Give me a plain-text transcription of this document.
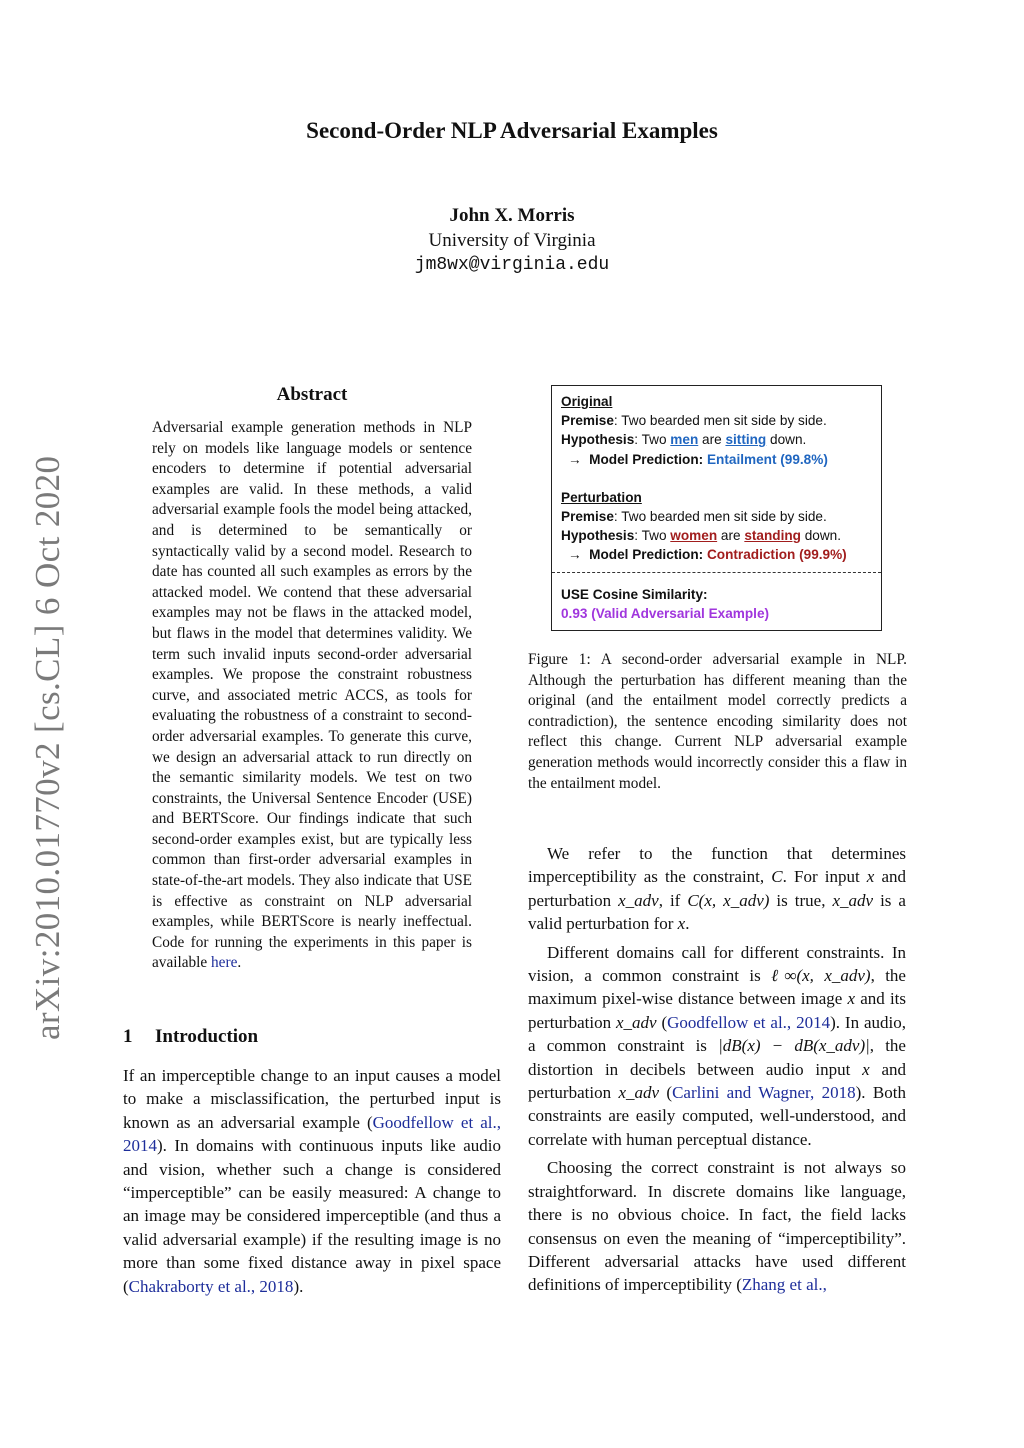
Second-Order NLP Adversarial Examples
John X. Morris
University of Virginia
jm8wx@virginia.edu
arXiv:2010.01770v2 [cs.CL] 6 Oct 2020
Abstract
Adversarial example generation methods in NLP rely on models like language models or sentence encoders to determine if potential adversarial examples are valid. In these methods, a valid adversarial example fools the model being attacked, and is determined to be semantically or syntactically valid by a second model. Research to date has counted all such examples as errors by the attacked model. We contend that these adversarial examples may not be flaws in the attacked model, but flaws in the model that determines validity. We term such invalid inputs second-order adversarial examples. We propose the constraint robustness curve, and associated metric ACCS, as tools for evaluating the robustness of a constraint to second-order adversarial examples. To generate this curve, we design an adversarial attack to run directly on the semantic similarity models. We test on two constraints, the Universal Sentence Encoder (USE) and BERTScore. Our findings indicate that such second-order examples exist, but are typically less common than first-order adversarial examples in state-of-the-art models. They also indicate that USE is effective as constraint on NLP adversarial examples, while BERTScore is nearly ineffectual. Code for running the experiments in this paper is available here.
1 Introduction
If an imperceptible change to an input causes a model to make a misclassification, the perturbed input is known as an adversarial example (Goodfellow et al., 2014). In domains with continuous inputs like audio and vision, whether such a change is considered “imperceptible” can be easily measured: A change to an image may be considered imperceptible (and thus a valid adversarial example) if the resulting image is no more than some fixed distance away in pixel space (Chakraborty et al., 2018).
Original
Premise: Two bearded men sit side by side.
Hypothesis: Two men are sitting down.
→ Model Prediction: Entailment (99.8%)
Perturbation
Premise: Two bearded men sit side by side.
Hypothesis: Two women are standing down.
→ Model Prediction: Contradiction (99.9%)
USE Cosine Similarity:
0.93 (Valid Adversarial Example)
Figure 1: A second-order adversarial example in NLP. Although the perturbation has different meaning than the original (and the entailment model correctly predicts a contradiction), the sentence encoding similarity does not reflect this change. Current NLP adversarial example generation methods would incorrectly consider this a flaw in the entailment model.

We refer to the function that determines imperceptibility as the constraint, C. For input x and perturbation x_adv, if C(x, x_adv) is true, x_adv is a valid perturbation for x.

Different domains call for different constraints. In vision, a common constraint is ℓ∞(x, x_adv), the maximum pixel-wise distance between image x and its perturbation x_adv (Goodfellow et al., 2014). In audio, a common constraint is |dB(x) − dB(x_adv)|, the distortion in decibels between audio input x and perturbation x_adv (Carlini and Wagner, 2018). Both constraints are easily computed, well-understood, and correlate with human perceptual distance.

Choosing the correct constraint is not always so straightforward. In discrete domains like language, there is no obvious choice. In fact, the field lacks consensus on even the meaning of “imperceptibility”. Different adversarial attacks have used different definitions of imperceptibility (Zhang et al.,
